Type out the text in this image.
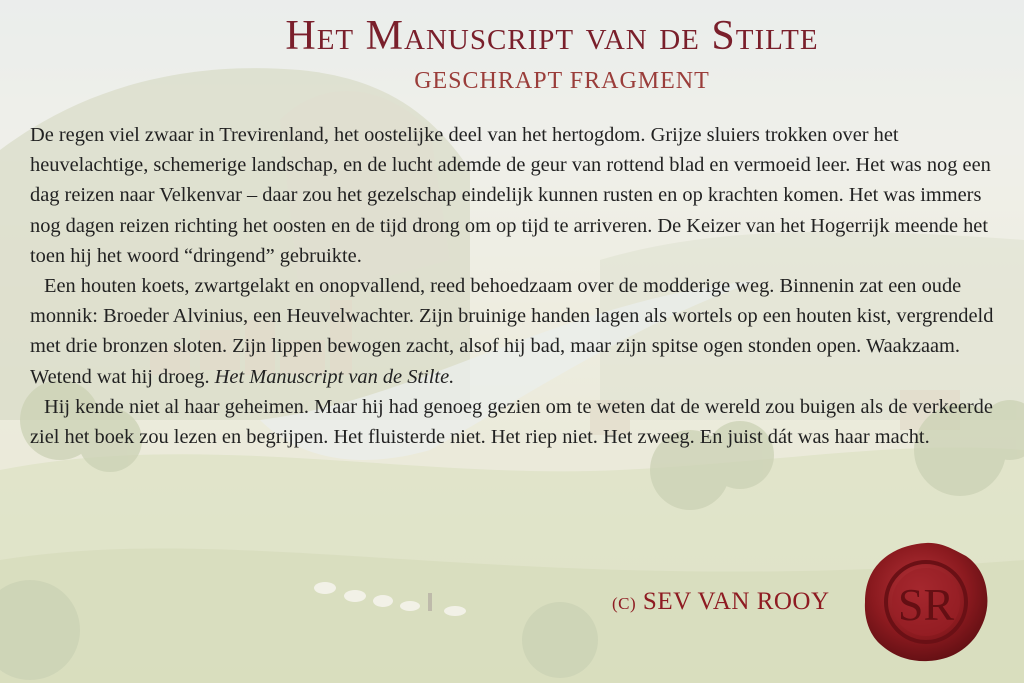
Het Manuscript van de Stilte
GESCHRAPT FRAGMENT

De regen viel zwaar in Trevirenland, het oostelijke deel van het hertogdom. Grijze sluiers trokken over het heuvelachtige, schemerige landschap, en de lucht ademde de geur van rottend blad en vermoeid leer. Het was nog een dag reizen naar Velkenvar – daar zou het gezelschap eindelijk kunnen rusten en op krachten komen. Het was immers nog dagen reizen richting het oosten en de tijd drong om op tijd te arriveren. De Keizer van het Hogerrijk meende het toen hij het woord “dringend” gebruikte.

Een houten koets, zwartgelakt en onopvallend, reed behoedzaam over de modderige weg. Binnenin zat een oude monnik: Broeder Alvinius, een Heuvelwachter. Zijn bruinige handen lagen als wortels op een houten kist, vergrendeld met drie bronzen sloten. Zijn lippen bewogen zacht, alsof hij bad, maar zijn spitse ogen stonden open. Waakzaam. Wetend wat hij droeg. Het Manuscript van de Stilte.

Hij kende niet al haar geheimen. Maar hij had genoeg gezien om te weten dat de wereld zou buigen als de verkeerde ziel het boek zou lezen en begrijpen. Het fluisterde niet. Het riep niet. Het zweeg. En juist dát was haar macht.

(C) SEV VAN ROOY SR
